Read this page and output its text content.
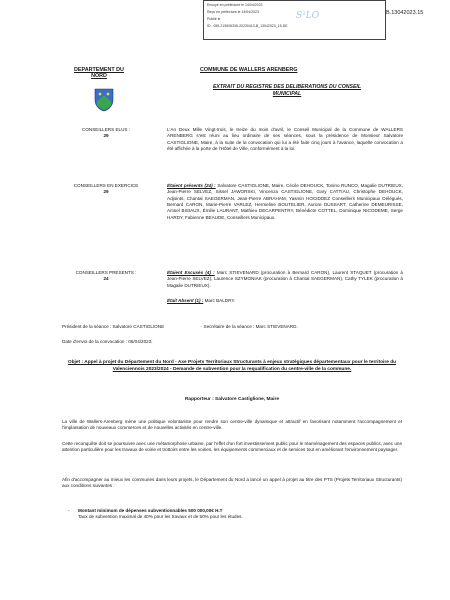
Envoyé en préfecture le 14/04/2023
Reçu en préfecture le 14/04/2023
Publié le
ID : 059-215906336-20230413-B_13042023_15-DE
S²LO	B.13042023.15
DEPARTEMENT DU NORD
COMMUNE DE WALLERS ARENBERG
EXTRAIT DU REGISTRE DES DELIBERATIONS DU CONSEIL MUNICIPAL
CONSEILLERS ELUS :
29

L'An Deux Mille Vingt-trois, le treize du mois d'avril, le Conseil Municipal de la Commune de WALLERS ARENBERG s'est réuni au lieu ordinaire de ses séances, sous la présidence de Monsieur Salvatore CASTIGLIONE, Maire, à la suite de la convocation qui lui a été faite cinq jours à l'avance, laquelle convocation a été affichée à la porte de l'Hôtel de Ville, conformément à la loi.

CONSEILLERS EN EXERCICE
29

Étaient présents (24) : Salvatore CASTIGLIONE, Maire, Cécile DEHOUCK, Tonino RUNCO, Magalie DUTRIEUX, Jean-Pierre SELVEZ, Sissel JAWORSKI, Vincenza CASTIGLIONE, Gary CATTIAU, Christophe DEHOUCK, Adjoints, Chantal SAEGERMAN, Jean-Pierre ABRAHAM, Yasmin HOCIDDEZ Conseillers Municipaux Délégués, Bernard CARON, Marie-Pierre VARLEZ, Hermeline BOUTELIER, Aurore DUSSART, Catherine DEMEURISSE, Amsel BISIAUX, Émilie LAURANT, Mathieu DECARPENTRY, Bénédicte COTTEL, Dominique NICODEME, Serge HARDY, Fabienne BEAUDE, Conseillers Municipaux.

CONSEILLERS PRESENTS :
24

Étaient Excusés (4) : Marc STIEVENARD (procuration à Bernard CARON), Laurent STAQUET (procuration à Jean-Pierre SELVEZ), Laurence SZYMONIAK (procuration à Chantal SAEGERMAN), Cathy TYLEK (procuration à Magalie DUTRIEUX).

Était Absent (1) : Marc BALDRY.

Président de la séance : Salvatore CASTIGLIONE	· Secrétaire de la séance : Marc STIEVENARD.
Date d'envoi de la convocation : 06/04/2023.
Objet : Appel à projet du Département du Nord - Axe Projets Territoriaux Structurants à enjeux stratégiques départementaux pour le territoire du Valenciennois 2023/2024 - Demande de subvention pour la requalification du centre-ville de la commune.
Rapporteur : Salvatore Castiglione, Maire
La ville de Wallers-Arenberg mène une politique volontariste pour rendre son centre-ville dynamique et attractif en favorisant notamment l'accompagnement et l'implantation de nouveaux commerces et de nouvelles activités en centre-ville.
Cette reconquête doit se poursuivre avec une métamorphose urbaine, par l'effet d'un fort investissement public pour le réaménagement des espaces publics, avec une attention particulière pour les travaux de voirie et trottoirs entre les voiries, les équipements commerciaux et de services tout en améliorant l'environnement paysager.
Afin d'accompagner au mieux les communes dans leurs projets, le Département du Nord a lancé un appel à projet au titre des PTS (Projets Territoriaux Structurants) aux conditions suivantes :
- Montant minimum de dépenses subventionnables 500 000,00€ H.T
Taux de subvention maximal de 40% pour les travaux et de 50% pour les études.
